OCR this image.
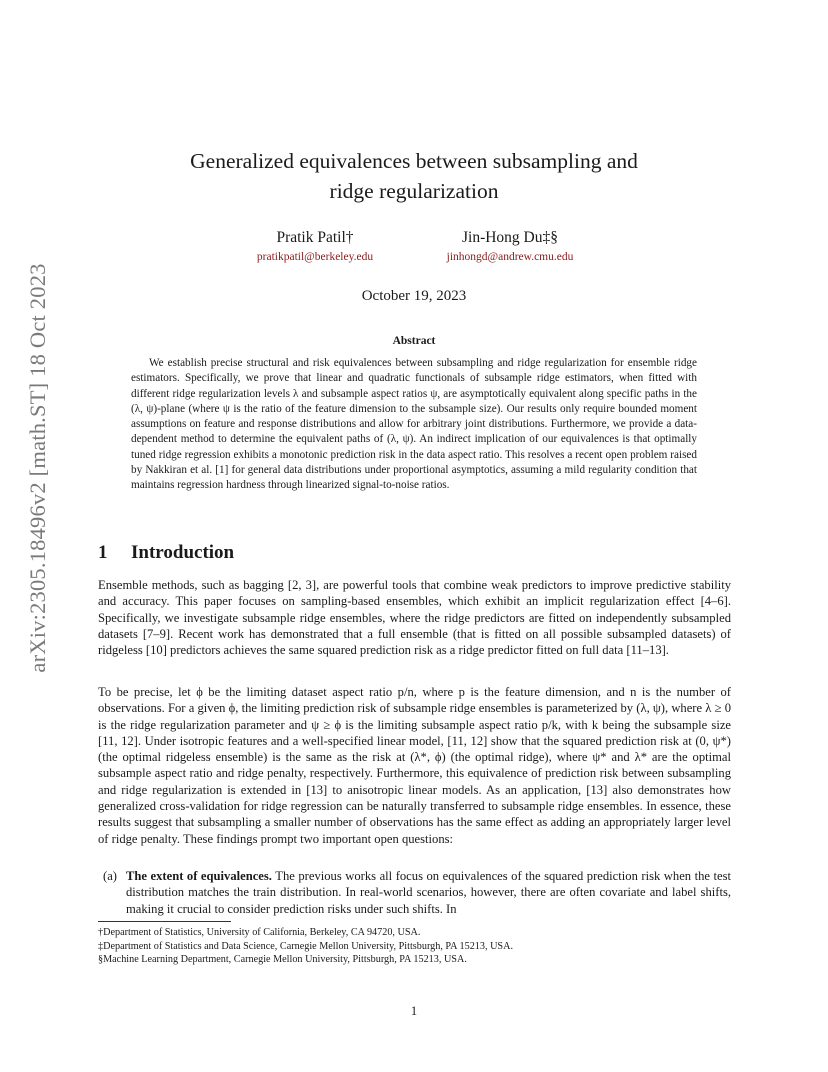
arXiv:2305.18496v2 [math.ST] 18 Oct 2023
Generalized equivalences between subsampling and
ridge regularization
Pratik Patil†
pratikpatil@berkeley.edu
Jin-Hong Du‡§
jinhongd@andrew.cmu.edu
October 19, 2023
Abstract
We establish precise structural and risk equivalences between subsampling and ridge regularization for ensemble ridge estimators. Specifically, we prove that linear and quadratic functionals of subsample ridge estimators, when fitted with different ridge regularization levels λ and subsample aspect ratios ψ, are asymptotically equivalent along specific paths in the (λ, ψ)-plane (where ψ is the ratio of the feature dimension to the subsample size). Our results only require bounded moment assumptions on feature and response distributions and allow for arbitrary joint distributions. Furthermore, we provide a data-dependent method to determine the equivalent paths of (λ, ψ). An indirect implication of our equivalences is that optimally tuned ridge regression exhibits a monotonic prediction risk in the data aspect ratio. This resolves a recent open problem raised by Nakkiran et al. [1] for general data distributions under proportional asymptotics, assuming a mild regularity condition that maintains regression hardness through linearized signal-to-noise ratios.
1 Introduction
Ensemble methods, such as bagging [2, 3], are powerful tools that combine weak predictors to improve predictive stability and accuracy. This paper focuses on sampling-based ensembles, which exhibit an implicit regularization effect [4–6]. Specifically, we investigate subsample ridge ensembles, where the ridge predictors are fitted on independently subsampled datasets [7–9]. Recent work has demonstrated that a full ensemble (that is fitted on all possible subsampled datasets) of ridgeless [10] predictors achieves the same squared prediction risk as a ridge predictor fitted on full data [11–13].
To be precise, let ϕ be the limiting dataset aspect ratio p/n, where p is the feature dimension, and n is the number of observations. For a given ϕ, the limiting prediction risk of subsample ridge ensembles is parameterized by (λ, ψ), where λ ≥ 0 is the ridge regularization parameter and ψ ≥ ϕ is the limiting subsample aspect ratio p/k, with k being the subsample size [11, 12]. Under isotropic features and a well-specified linear model, [11, 12] show that the squared prediction risk at (0, ψ*) (the optimal ridgeless ensemble) is the same as the risk at (λ*, ϕ) (the optimal ridge), where ψ* and λ* are the optimal subsample aspect ratio and ridge penalty, respectively. Furthermore, this equivalence of prediction risk between subsampling and ridge regularization is extended in [13] to anisotropic linear models. As an application, [13] also demonstrates how generalized cross-validation for ridge regression can be naturally transferred to subsample ridge ensembles. In essence, these results suggest that subsampling a smaller number of observations has the same effect as adding an appropriately larger level of ridge penalty. These findings prompt two important open questions:
(a) The extent of equivalences. The previous works all focus on equivalences of the squared prediction risk when the test distribution matches the train distribution. In real-world scenarios, however, there are often covariate and label shifts, making it crucial to consider prediction risks under such shifts. In
†Department of Statistics, University of California, Berkeley, CA 94720, USA.
‡Department of Statistics and Data Science, Carnegie Mellon University, Pittsburgh, PA 15213, USA.
§Machine Learning Department, Carnegie Mellon University, Pittsburgh, PA 15213, USA.
1
